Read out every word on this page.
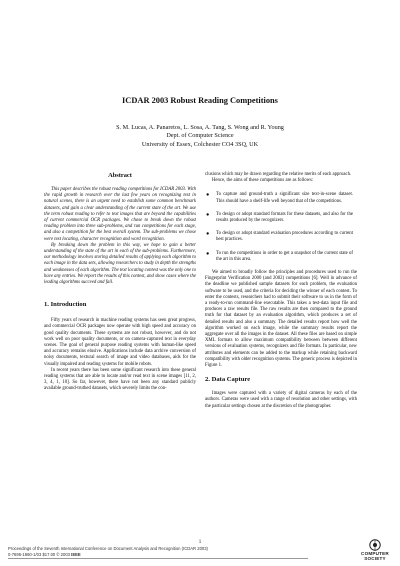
ICDAR 2003 Robust Reading Competitions
S. M. Lucas, A. Panaretos, L. Sosa, A. Tang, S. Wong and R. Young
Dept. of Computer Science
University of Essex, Colchester CO4 3SQ, UK
Abstract

This paper describes the robust reading competitions for ICDAR 2003. With the rapid growth in research over the last few years on recognizing text in natural scenes, there is an urgent need to establish some common benchmark datasets, and gain a clear understanding of the current state of the art. We use the term robust reading to refer to text images that are beyond the capabilities of current commercial OCR packages. We chose to break down the robust reading problem into three sub-problems, and run competitions for each stage, and also a competition for the best overall system. The sub-problems we chose were text locating, character recognition and word recognition.

By breaking down the problem in this way, we hope to gain a better understanding of the state of the art in each of the sub-problems. Furthermore, our methodology involves storing detailed results of applying each algorithm to each image in the data sets, allowing researchers to study in depth the strengths and weaknesses of each algorithm. The text locating contest was the only one to have any entries. We report the results of this contest, and show cases where the leading algorithms succeed and fail.

1. Introduction

Fifty years of research in machine reading systems has seen great progress, and commercial OCR packages now operate with high speed and accuracy on good quality documents. These systems are not robust, however, and do not work well on poor quality documents, or on camera-captured text in everyday scenes. The goal of general purpose reading systems with human-like speed and accuracy remains elusive. Applications include data archive conversion of noisy documents, textural search of image and video databases, aids for the visually impaired and reading systems for mobile robots.

In recent years there has been some significant research into these general reading systems that are able to locate and/or read text in scene images [11, 2, 3, 4, 1, 10]. So far, however, there have not been any standard publicly available ground-truthed datasets, which severely limits the con-

clusions which may be drawn regarding the relative merits of each approach.

Hence, the aims of these competitions are as follows:

● To capture and ground-truth a significant size text-in-scene dataset. This should have a shelf-life well beyond that of the competitions.
● To design or adopt standard formats for these datasets, and also for the results produced by the recognizers.
● To design or adopt standard evaluation procedures according to current best practices.
● To run the competitions in order to get a snapshot of the current state of the art in this area.

We aimed to broadly follow the principles and procedures used to run the Fingerprint Verification 2000 (and 2002) competitions [6]. Well in advance of the deadline we published sample datasets for each problem, the evaluation software to be used, and the criteria for deciding the winner of each contest. To enter the contests, researchers had to submit their software to us in the form of a ready-to-run command-line executable. This takes a test-data input file and produces a raw results file. The raw results are then compared to the ground truth for that dataset by an evaluation algorithm, which produces a set of detailed results and also a summary. The detailed results report how well the algorithm worked on each image, while the summary results report the aggregate over all the images in the dataset. All these files are based on simple XML formats to allow maximum compatibility between between different versions of evaluation systems, recognizers and file formats. In particular, new attributes and elements can be added to the markup while retaining backward compatibility with older recognition systems. The generic process is depicted in Figure 1.

2. Data Capture

Images were captured with a variety of digital cameras by each of the authors. Cameras were used with a range of resolution and other settings, with the particular settings chosen at the discretion of the photographer.

1
Proceedings of the Seventh International Conference on Document Analysis and Recognition (ICDAR 2003)
0-7695-1960-1/03 $17.00 © 2003 IEEE	COMPUTER
SOCIETY
